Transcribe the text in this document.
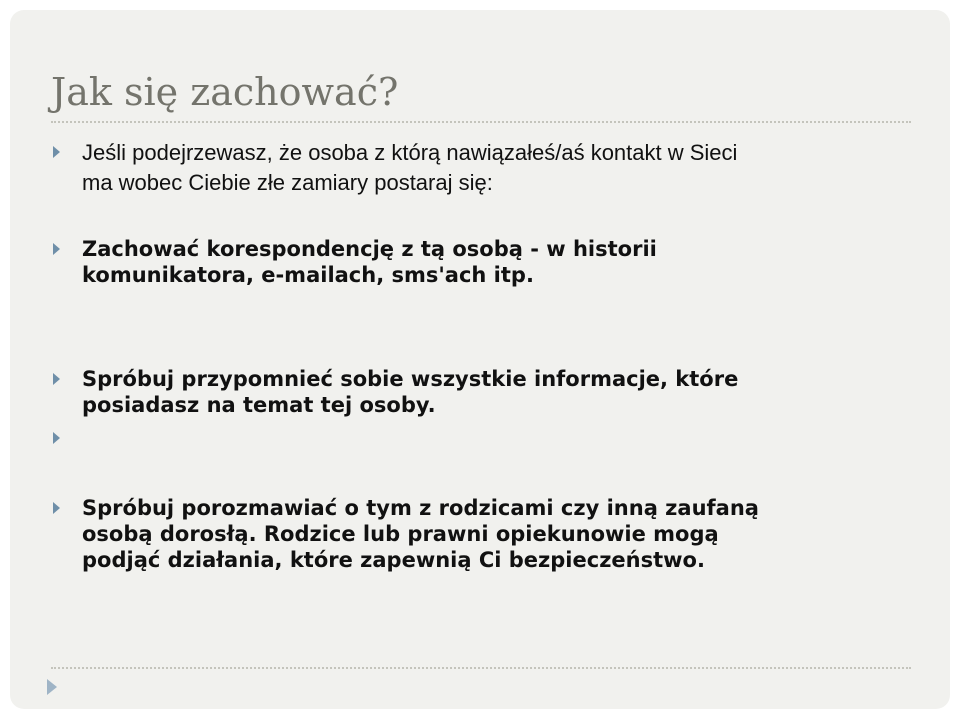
Jak się zachować?

Jeśli podejrzewasz, że osoba z którą nawiązałeś/aś kontakt w Sieci
ma wobec Ciebie złe zamiary postaraj się:

Zachować korespondencję z tą osobą - w historii
komunikatora, e-mailach, sms'ach itp.

Spróbuj przypomnieć sobie wszystkie informacje, które
posiadasz na temat tej osoby.

Spróbuj porozmawiać o tym z rodzicami czy inną zaufaną
osobą dorosłą. Rodzice lub prawni opiekunowie mogą
podjąć działania, które zapewnią Ci bezpieczeństwo.
